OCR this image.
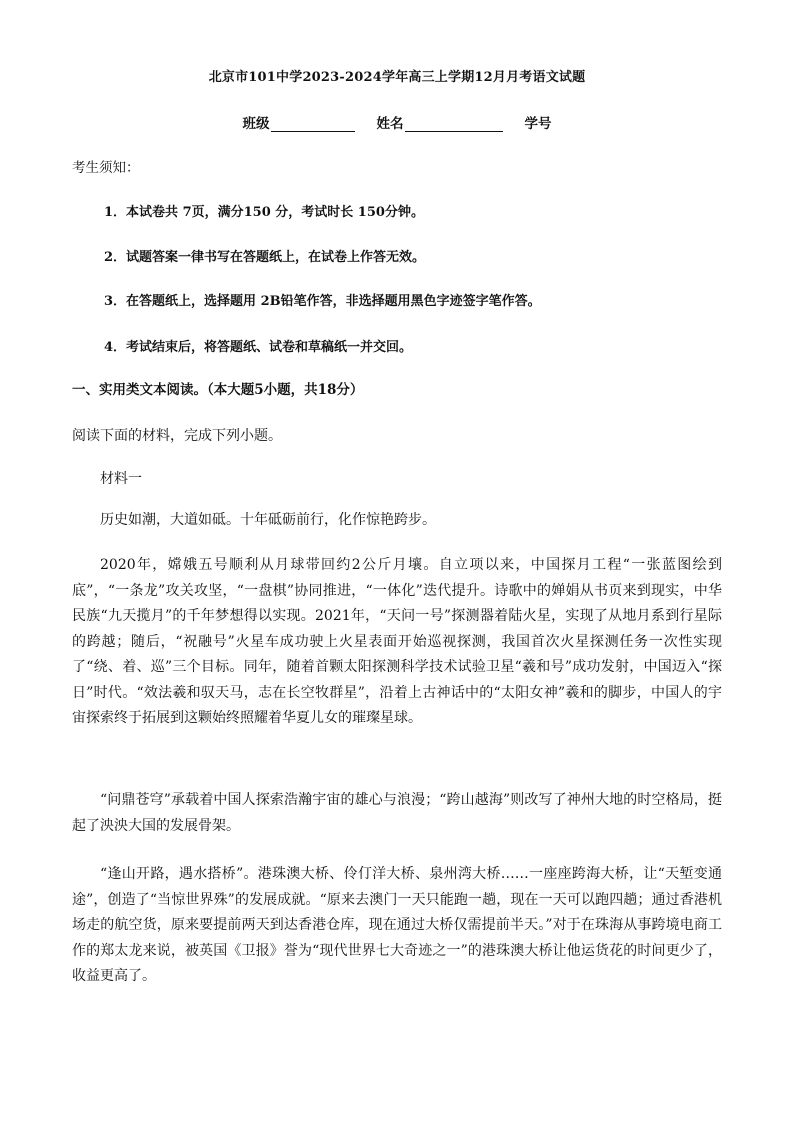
北京市101中学2023-2024学年高三上学期12月月考语文试题
班级	姓名	学号
考生须知：
1．本试卷共 7页，满分150 分，考试时长 150分钟。
2．试题答案一律书写在答题纸上，在试卷上作答无效。
3．在答题纸上，选择题用 2B铅笔作答，非选择题用黑色字迹签字笔作答。
4．考试结束后，将答题纸、试卷和草稿纸一并交回。
一、实用类文本阅读。（本大题5小题，共18分）
阅读下面的材料，完成下列小题。
材料一
历史如潮，大道如砥。十年砥砺前行，化作惊艳跨步。
2020年，嫦娥五号顺利从月球带回约2公斤月壤。自立项以来，中国探月工程“一张蓝图绘到底”，“一条龙”攻关攻坚，“一盘棋”协同推进，“一体化”迭代提升。诗歌中的婵娟从书页来到现实，中华民族“九天揽月”的千年梦想得以实现。2021年，“天问一号”探测器着陆火星，实现了从地月系到行星际的跨越；随后，“祝融号”火星车成功驶上火星表面开始巡视探测，我国首次火星探测任务一次性实现了“绕、着、巡”三个目标。同年，随着首颗太阳探测科学技术试验卫星“羲和号”成功发射，中国迈入“探日”时代。“效法羲和驭天马，志在长空牧群星”，沿着上古神话中的“太阳女神”羲和的脚步，中国人的宇宙探索终于拓展到这颗始终照耀着华夏儿女的璀璨星球。
“问鼎苍穹”承载着中国人探索浩瀚宇宙的雄心与浪漫；“跨山越海”则改写了神州大地的时空格局，挺起了泱泱大国的发展骨架。
“逢山开路，遇水搭桥”。港珠澳大桥、伶仃洋大桥、泉州湾大桥……一座座跨海大桥，让“天堑变通途”，创造了“当惊世界殊”的发展成就。“原来去澳门一天只能跑一趟，现在一天可以跑四趟；通过香港机场走的航空货，原来要提前两天到达香港仓库，现在通过大桥仅需提前半天。”对于在珠海从事跨境电商工作的郑太龙来说，被英国《卫报》誉为“现代世界七大奇迹之一”的港珠澳大桥让他运货花的时间更少了，收益更高了。
